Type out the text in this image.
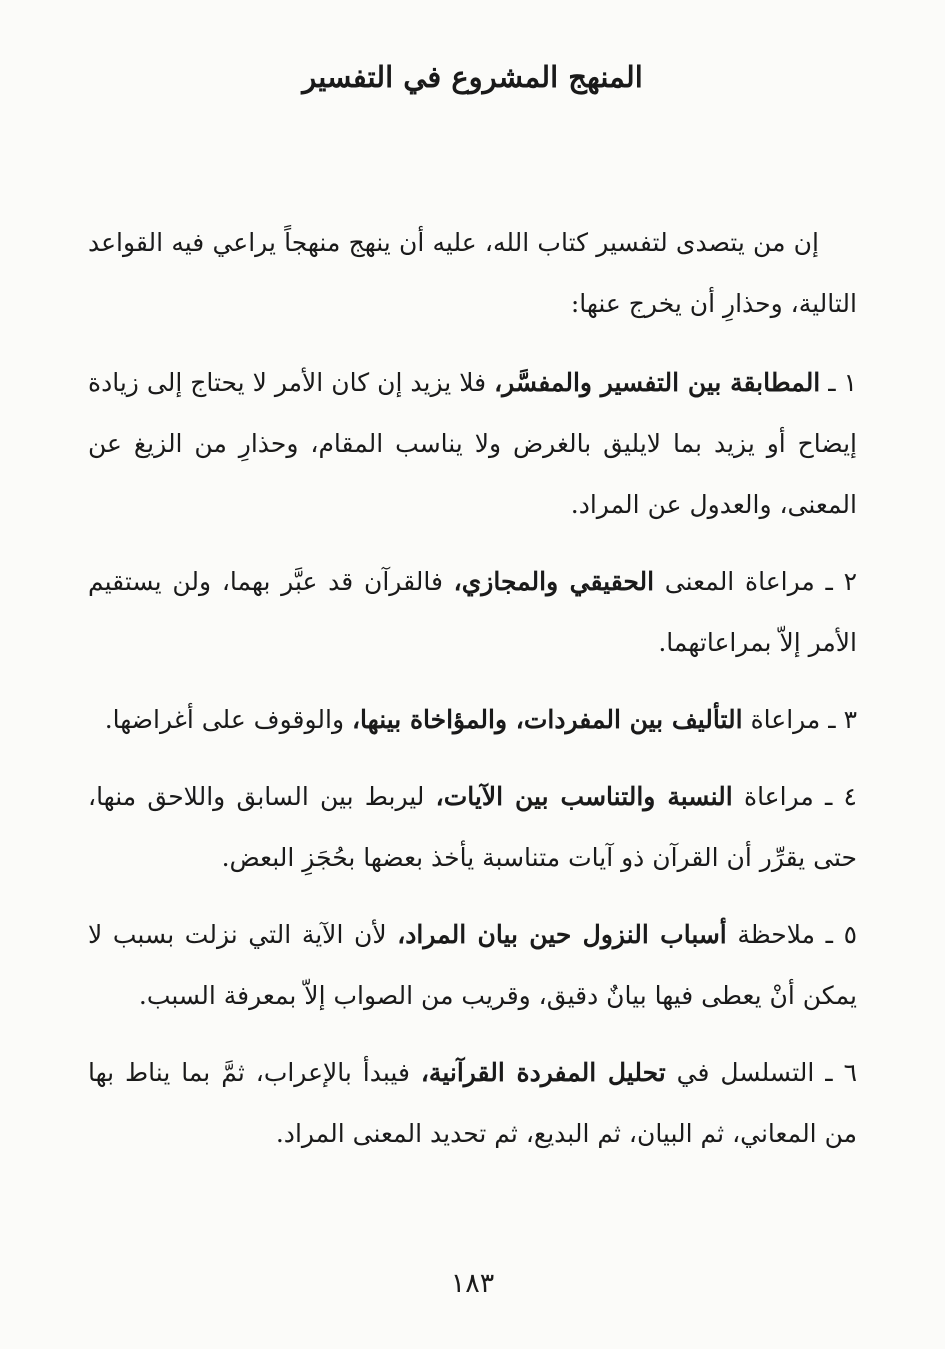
المنهج المشروع في التفسير

إن من يتصدى لتفسير كتاب الله، عليه أن ينهج منهجاً يراعي فيه القواعد التالية، وحذارِ أن يخرج عنها:

١ ـ المطابقة بين التفسير والمفسَّر، فلا يزيد إن كان الأمر لا يحتاج إلى زيادة إيضاح أو يزيد بما لايليق بالغرض ولا يناسب المقام، وحذارِ من الزيغ عن المعنى، والعدول عن المراد.

٢ ـ مراعاة المعنى الحقيقي والمجازي، فالقرآن قد عبَّر بهما، ولن يستقيم الأمر إلاّ بمراعاتهما.

٣ ـ مراعاة التأليف بين المفردات، والمؤاخاة بينها، والوقوف على أغراضها.

٤ ـ مراعاة النسبة والتناسب بين الآيات، ليربط بين السابق واللاحق منها، حتى يقرِّر أن القرآن ذو آيات متناسبة يأخذ بعضها بحُجَزِ البعض.

٥ ـ ملاحظة أسباب النزول حين بيان المراد، لأن الآية التي نزلت بسبب لا يمكن أنْ يعطى فيها بيانٌ دقيق، وقريب من الصواب إلاّ بمعرفة السبب.

٦ ـ التسلسل في تحليل المفردة القرآنية، فيبدأ بالإعراب، ثمَّ بما يناط بها من المعاني، ثم البيان، ثم البديع، ثم تحديد المعنى المراد.

١٨٣
